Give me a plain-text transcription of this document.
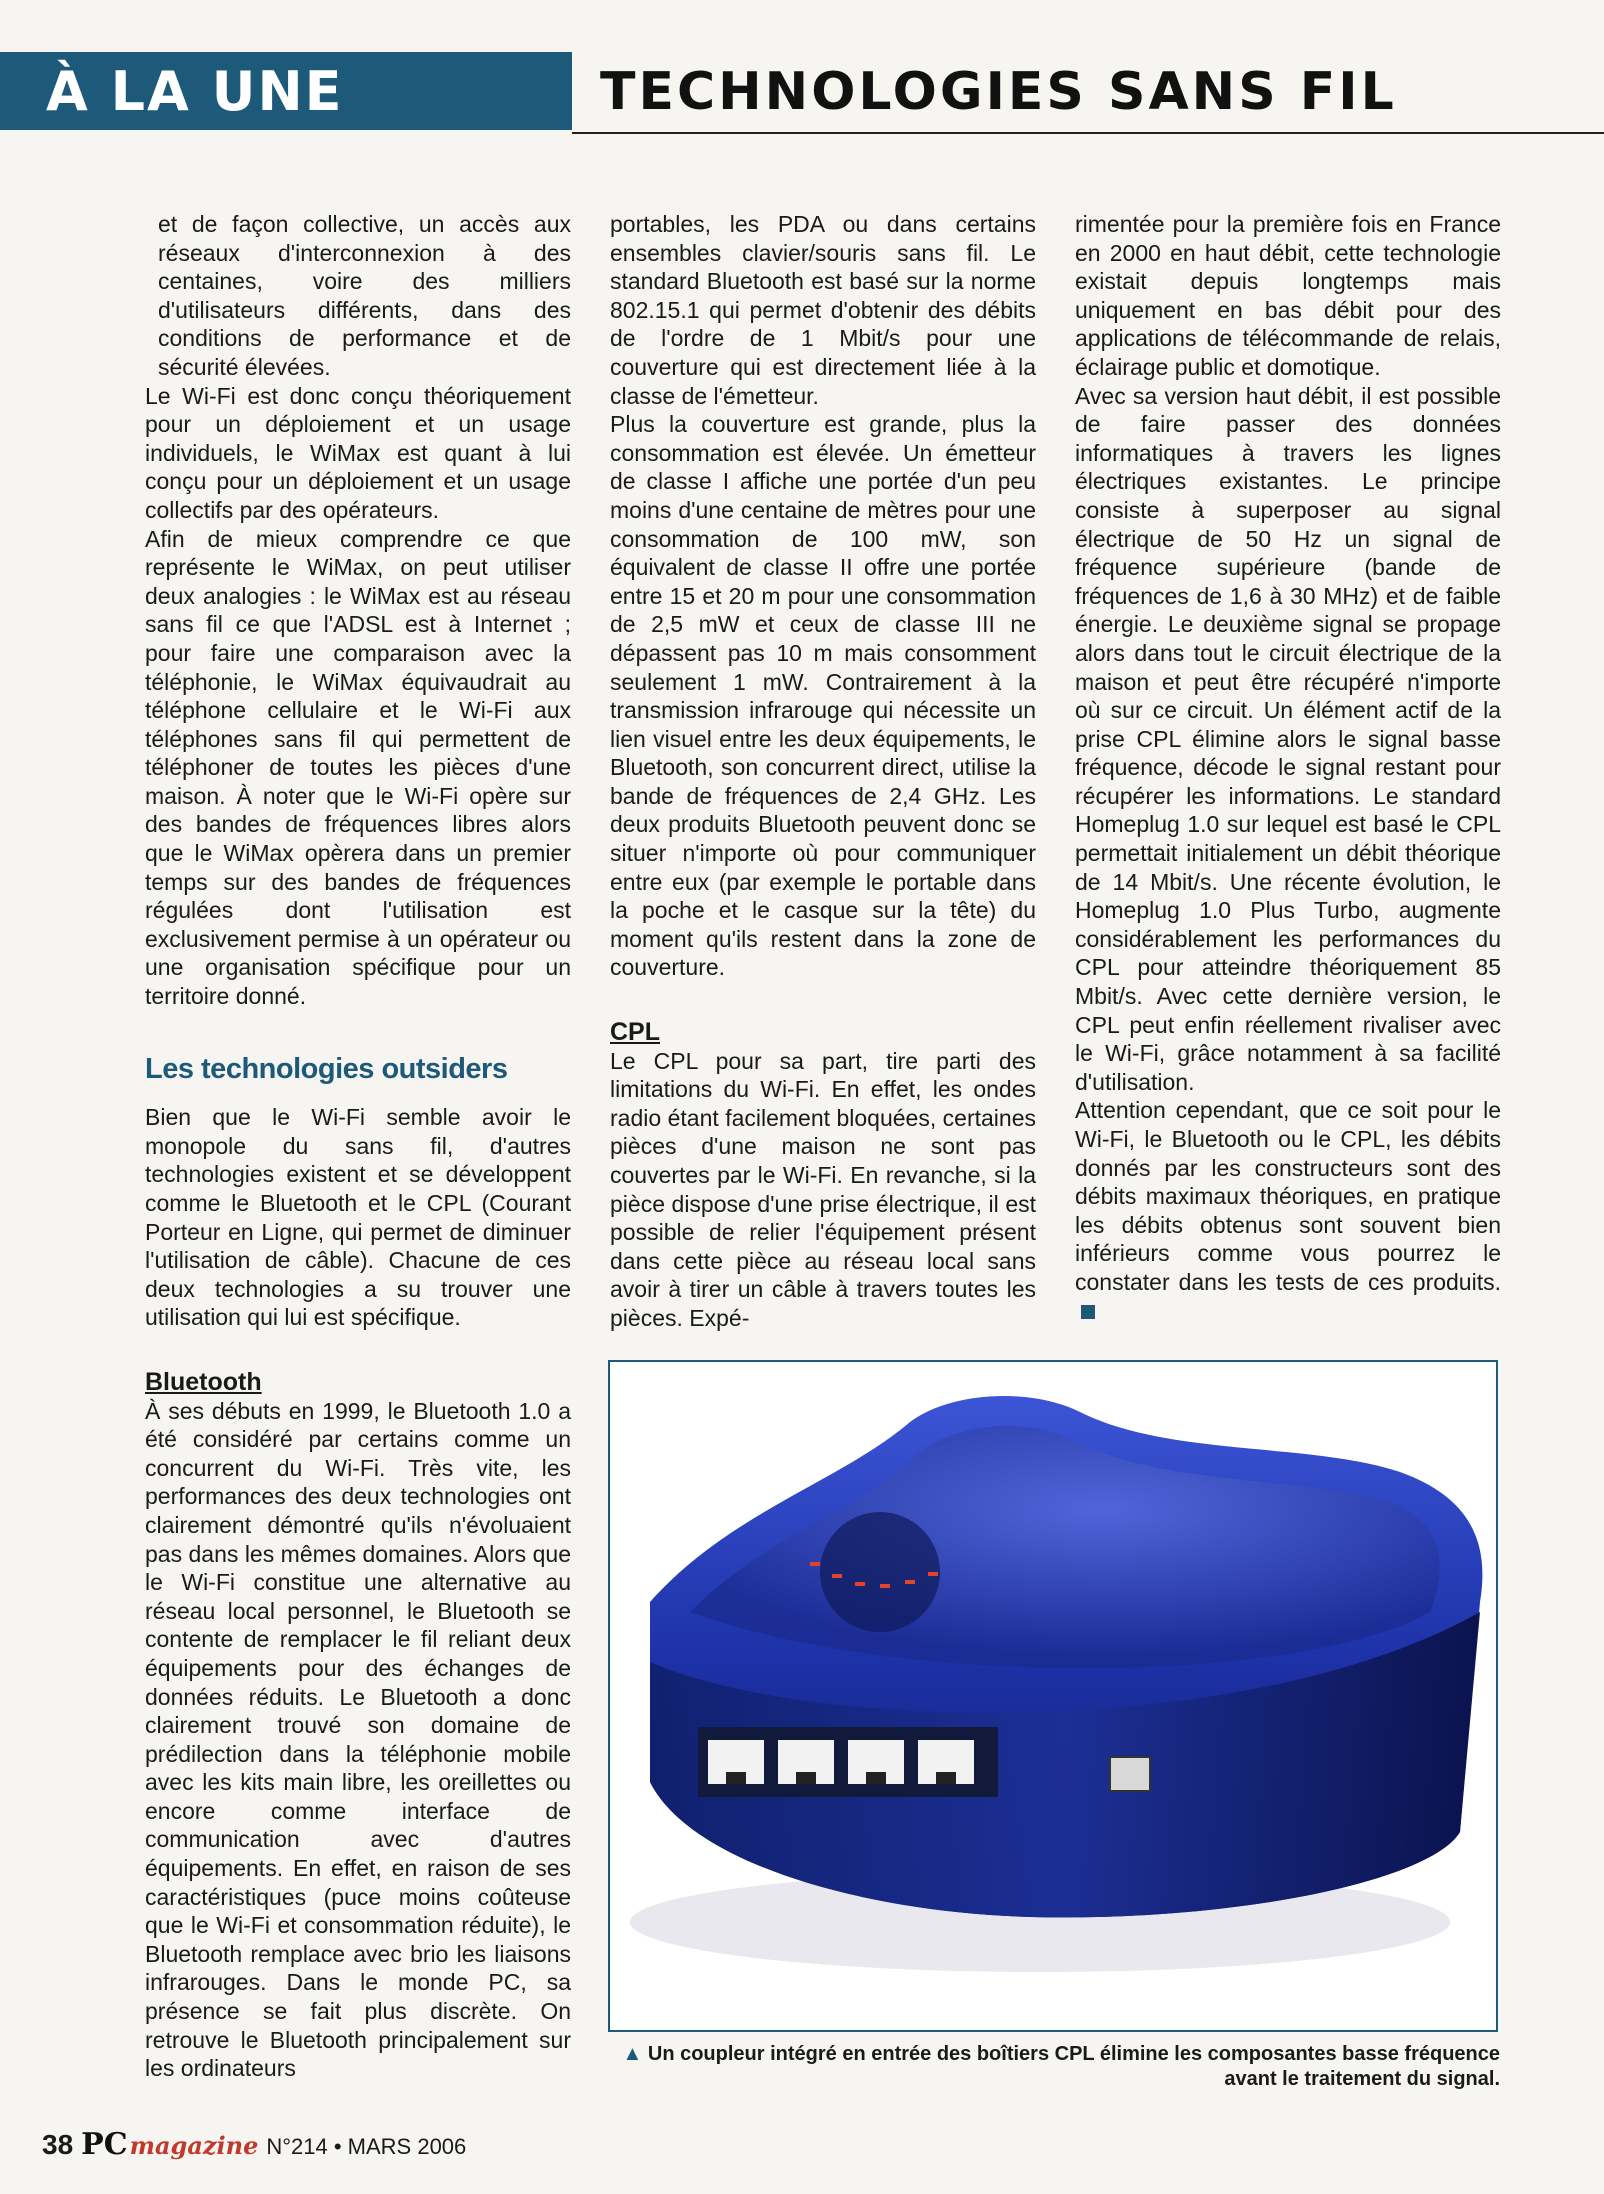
À LA UNE	TECHNOLOGIES SANS FIL

et de façon collective, un accès aux réseaux d'interconnexion à des centaines, voire des milliers d'utilisateurs différents, dans des conditions de performance et de sécurité élevées.

Le Wi-Fi est donc conçu théoriquement pour un déploiement et un usage individuels, le WiMax est quant à lui conçu pour un déploiement et un usage collectifs par des opérateurs.

Afin de mieux comprendre ce que représente le WiMax, on peut utiliser deux analogies : le WiMax est au réseau sans fil ce que l'ADSL est à Internet ; pour faire une comparaison avec la téléphonie, le WiMax équivaudrait au téléphone cellulaire et le Wi-Fi aux téléphones sans fil qui permettent de téléphoner de toutes les pièces d'une maison. À noter que le Wi-Fi opère sur des bandes de fréquences libres alors que le WiMax opèrera dans un premier temps sur des bandes de fréquences régulées dont l'utilisation est exclusivement permise à un opérateur ou une organisation spécifique pour un territoire donné.

Les technologies outsiders

Bien que le Wi-Fi semble avoir le monopole du sans fil, d'autres technologies existent et se développent comme le Bluetooth et le CPL (Courant Porteur en Ligne, qui permet de diminuer l'utilisation de câble). Chacune de ces deux technologies a su trouver une utilisation qui lui est spécifique.

Bluetooth

À ses débuts en 1999, le Bluetooth 1.0 a été considéré par certains comme un concurrent du Wi-Fi. Très vite, les performances des deux technologies ont clairement démontré qu'ils n'évoluaient pas dans les mêmes domaines. Alors que le Wi-Fi constitue une alternative au réseau local personnel, le Bluetooth se contente de remplacer le fil reliant deux équipements pour des échanges de données réduits. Le Bluetooth a donc clairement trouvé son domaine de prédilection dans la téléphonie mobile avec les kits main libre, les oreillettes ou encore comme interface de communication avec d'autres équipements. En effet, en raison de ses caractéristiques (puce moins coûteuse que le Wi-Fi et consommation réduite), le Bluetooth remplace avec brio les liaisons infrarouges. Dans le monde PC, sa présence se fait plus discrète. On retrouve le Bluetooth principalement sur les ordinateurs

portables, les PDA ou dans certains ensembles clavier/souris sans fil. Le standard Bluetooth est basé sur la norme 802.15.1 qui permet d'obtenir des débits de l'ordre de 1 Mbit/s pour une couverture qui est directement liée à la classe de l'émetteur.

Plus la couverture est grande, plus la consommation est élevée. Un émetteur de classe I affiche une portée d'un peu moins d'une centaine de mètres pour une consommation de 100 mW, son équivalent de classe II offre une portée entre 15 et 20 m pour une consommation de 2,5 mW et ceux de classe III ne dépassent pas 10 m mais consomment seulement 1 mW. Contrairement à la transmission infrarouge qui nécessite un lien visuel entre les deux équipements, le Bluetooth, son concurrent direct, utilise la bande de fréquences de 2,4 GHz. Les deux produits Bluetooth peuvent donc se situer n'importe où pour communiquer entre eux (par exemple le portable dans la poche et le casque sur la tête) du moment qu'ils restent dans la zone de couverture.

CPL

Le CPL pour sa part, tire parti des limitations du Wi-Fi. En effet, les ondes radio étant facilement bloquées, certaines pièces d'une maison ne sont pas couvertes par le Wi-Fi. En revanche, si la pièce dispose d'une prise électrique, il est possible de relier l'équipement présent dans cette pièce au réseau local sans avoir à tirer un câble à travers toutes les pièces. Expé-

rimentée pour la première fois en France en 2000 en haut débit, cette technologie existait depuis longtemps mais uniquement en bas débit pour des applications de télécommande de relais, éclairage public et domotique.

Avec sa version haut débit, il est possible de faire passer des données informatiques à travers les lignes électriques existantes. Le principe consiste à superposer au signal électrique de 50 Hz un signal de fréquence supérieure (bande de fréquences de 1,6 à 30 MHz) et de faible énergie. Le deuxième signal se propage alors dans tout le circuit électrique de la maison et peut être récupéré n'importe où sur ce circuit. Un élément actif de la prise CPL élimine alors le signal basse fréquence, décode le signal restant pour récupérer les informations. Le standard Homeplug 1.0 sur lequel est basé le CPL permettait initialement un débit théorique de 14 Mbit/s. Une récente évolution, le Homeplug 1.0 Plus Turbo, augmente considérablement les performances du CPL pour atteindre théoriquement 85 Mbit/s. Avec cette dernière version, le CPL peut enfin réellement rivaliser avec le Wi-Fi, grâce notamment à sa facilité d'utilisation.

Attention cependant, que ce soit pour le Wi-Fi, le Bluetooth ou le CPL, les débits donnés par les constructeurs sont des débits maximaux théoriques, en pratique les débits obtenus sont souvent bien inférieurs comme vous pourrez le constater dans les tests de ces produits.

▲ Un coupleur intégré en entrée des boîtiers CPL élimine les composantes basse fréquence avant le traitement du signal.
38 PC magazine N°214 • MARS 2006
